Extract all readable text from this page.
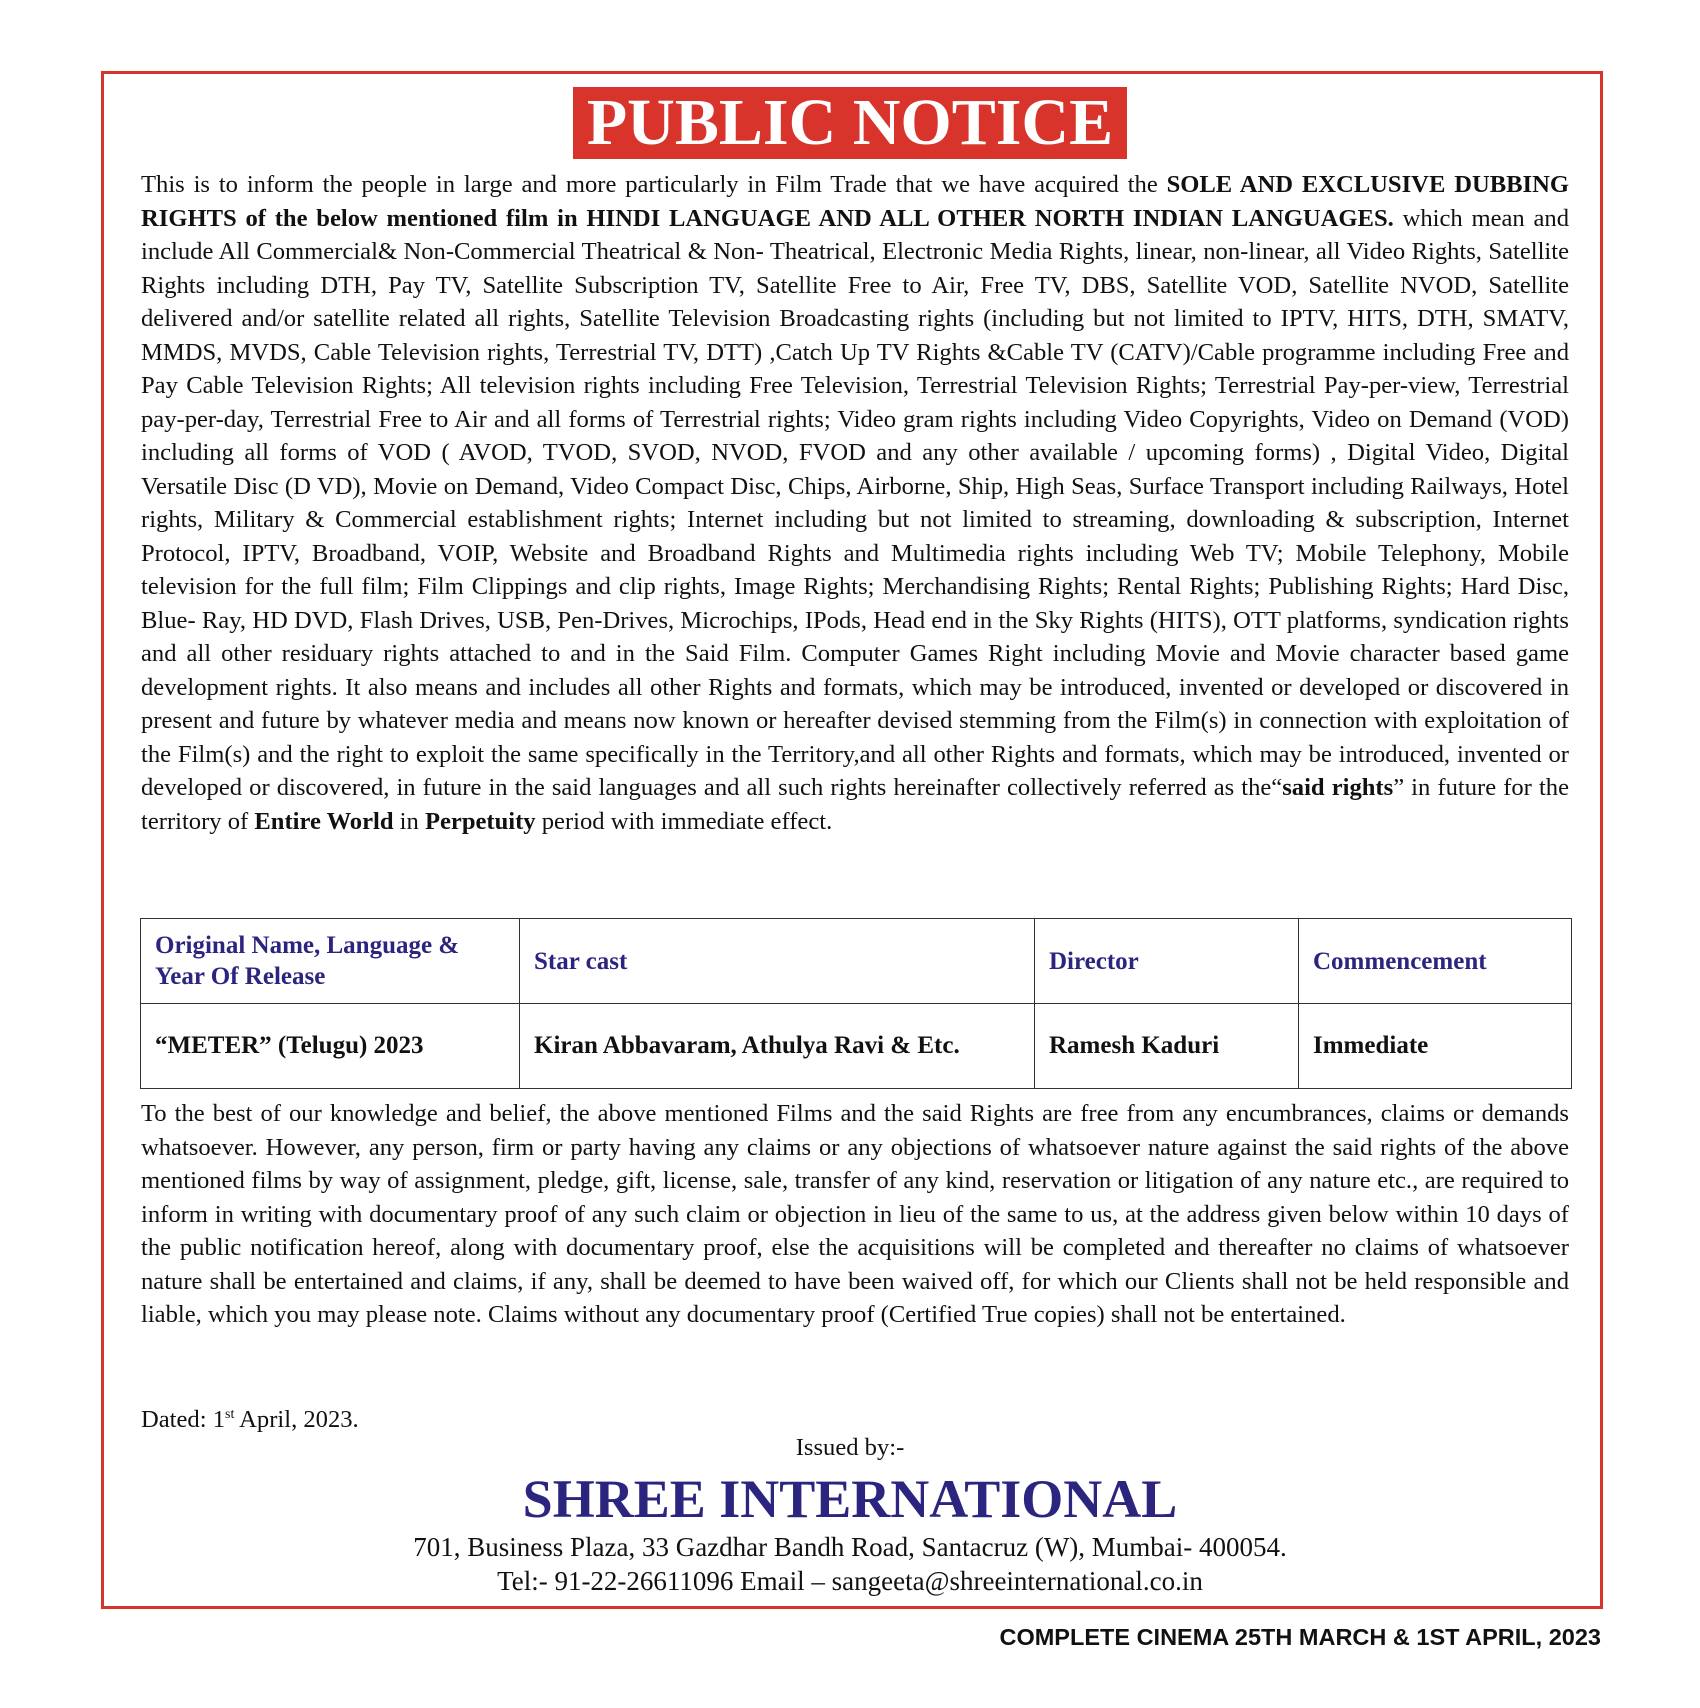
PUBLIC NOTICE

This is to inform the people in large and more particularly in Film Trade that we have acquired the SOLE AND EXCLUSIVE DUBBING RIGHTS of the below mentioned film in HINDI LANGUAGE AND ALL OTHER NORTH INDIAN LANGUAGES. which mean and include All Commercial& Non-Commercial Theatrical & Non- Theatrical, Electronic Media Rights, linear, non-linear, all Video Rights, Satellite Rights including DTH, Pay TV, Satellite Subscription TV, Satellite Free to Air, Free TV, DBS, Satellite VOD, Satellite NVOD, Satellite delivered and/or satellite related all rights, Satellite Television Broadcasting rights (including but not limited to IPTV, HITS, DTH, SMATV, MMDS, MVDS, Cable Television rights, Terrestrial TV, DTT) ,Catch Up TV Rights &Cable TV (CATV)/Cable programme including Free and Pay Cable Television Rights; All television rights including Free Television, Terrestrial Television Rights; Terrestrial Pay-per-view, Terrestrial pay-per-day, Terrestrial Free to Air and all forms of Terrestrial rights; Video gram rights including Video Copyrights, Video on Demand (VOD) including all forms of VOD ( AVOD, TVOD, SVOD, NVOD, FVOD and any other available / upcoming forms) , Digital Video, Digital Versatile Disc (D VD), Movie on Demand, Video Compact Disc, Chips, Airborne, Ship, High Seas, Surface Transport including Railways, Hotel rights, Military & Commercial establishment rights; Internet including but not limited to streaming, downloading & subscription, Internet Protocol, IPTV, Broadband, VOIP, Website and Broadband Rights and Multimedia rights including Web TV; Mobile Telephony, Mobile television for the full film; Film Clippings and clip rights, Image Rights; Merchandising Rights; Rental Rights; Publishing Rights; Hard Disc, Blue- Ray, HD DVD, Flash Drives, USB, Pen-Drives, Microchips, IPods, Head end in the Sky Rights (HITS), OTT platforms, syndication rights and all other residuary rights attached to and in the Said Film. Computer Games Right including Movie and Movie character based game development rights. It also means and includes all other Rights and formats, which may be introduced, invented or developed or discovered in present and future by whatever media and means now known or hereafter devised stemming from the Film(s) in connection with exploitation of the Film(s) and the right to exploit the same specifically in the Territory,and all other Rights and formats, which may be introduced, invented or developed or discovered, in future in the said languages and all such rights hereinafter collectively referred as the“said rights” in future for the territory of Entire World in Perpetuity period with immediate effect.

Original Name, Language & Year Of Release	Star cast	Director	Commencement
“METER” (Telugu) 2023	Kiran Abbavaram, Athulya Ravi & Etc.	Ramesh Kaduri	Immediate

To the best of our knowledge and belief, the above mentioned Films and the said Rights are free from any encumbrances, claims or demands whatsoever. However, any person, firm or party having any claims or any objections of whatsoever nature against the said rights of the above mentioned films by way of assignment, pledge, gift, license, sale, transfer of any kind, reservation or litigation of any nature etc., are required to inform in writing with documentary proof of any such claim or objection in lieu of the same to us, at the address given below within 10 days of the public notification hereof, along with documentary proof, else the acquisitions will be completed and thereafter no claims of whatsoever nature shall be entertained and claims, if any, shall be deemed to have been waived off, for which our Clients shall not be held responsible and liable, which you may please note. Claims without any documentary proof (Certified True copies) shall not be entertained.

Dated: 1st April, 2023.
Issued by:-
SHREE INTERNATIONAL
701, Business Plaza, 33 Gazdhar Bandh Road, Santacruz (W), Mumbai- 400054.
Tel:- 91-22-26611096 Email – sangeeta@shreeinternational.co.in
COMPLETE CINEMA 25TH MARCH & 1ST APRIL, 2023
